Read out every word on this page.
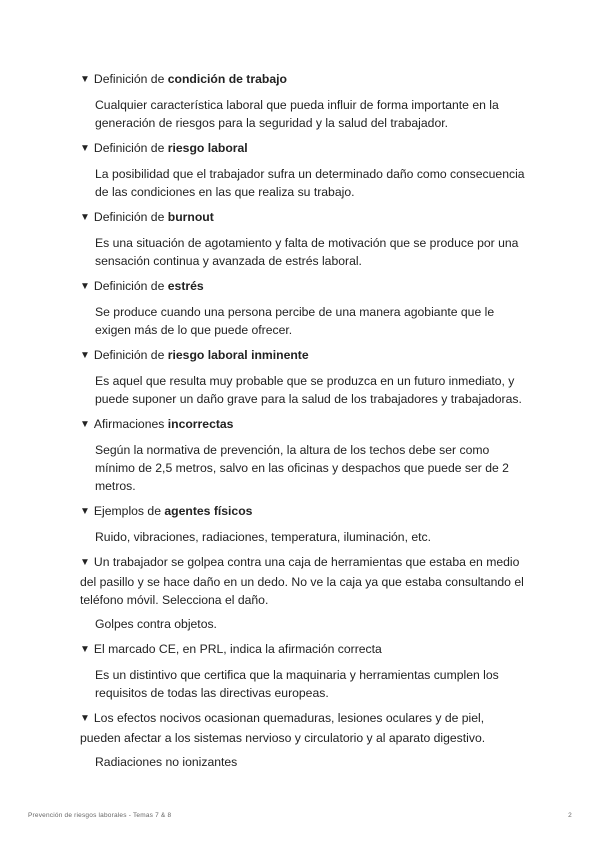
▼ Definición de condición de trabajo
Cualquier característica laboral que pueda influir de forma importante en la generación de riesgos para la seguridad y la salud del trabajador.
▼ Definición de riesgo laboral
La posibilidad que el trabajador sufra un determinado daño como consecuencia de las condiciones en las que realiza su trabajo.
▼ Definición de burnout
Es una situación de agotamiento y falta de motivación que se produce por una sensación continua y avanzada de estrés laboral.
▼ Definición de estrés
Se produce cuando una persona percibe de una manera agobiante que le exigen más de lo que puede ofrecer.
▼ Definición de riesgo laboral inminente
Es aquel que resulta muy probable que se produzca en un futuro inmediato, y puede suponer un daño grave para la salud de los trabajadores y trabajadoras.
▼ Afirmaciones incorrectas
Según la normativa de prevención, la altura de los techos debe ser como mínimo de 2,5 metros, salvo en las oficinas y despachos que puede ser de 2 metros.
▼ Ejemplos de agentes físicos
Ruido, vibraciones, radiaciones, temperatura, iluminación, etc.
▼ Un trabajador se golpea contra una caja de herramientas que estaba en medio del pasillo y se hace daño en un dedo. No ve la caja ya que estaba consultando el teléfono móvil. Selecciona el daño.
Golpes contra objetos.
▼ El marcado CE, en PRL, indica la afirmación correcta
Es un distintivo que certifica que la maquinaria y herramientas cumplen los requisitos de todas las directivas europeas.
▼ Los efectos nocivos ocasionan quemaduras, lesiones oculares y de piel, pueden afectar a los sistemas nervioso y circulatorio y al aparato digestivo.
Radiaciones no ionizantes
Prevención de riesgos laborales - Temas 7 & 8	2
